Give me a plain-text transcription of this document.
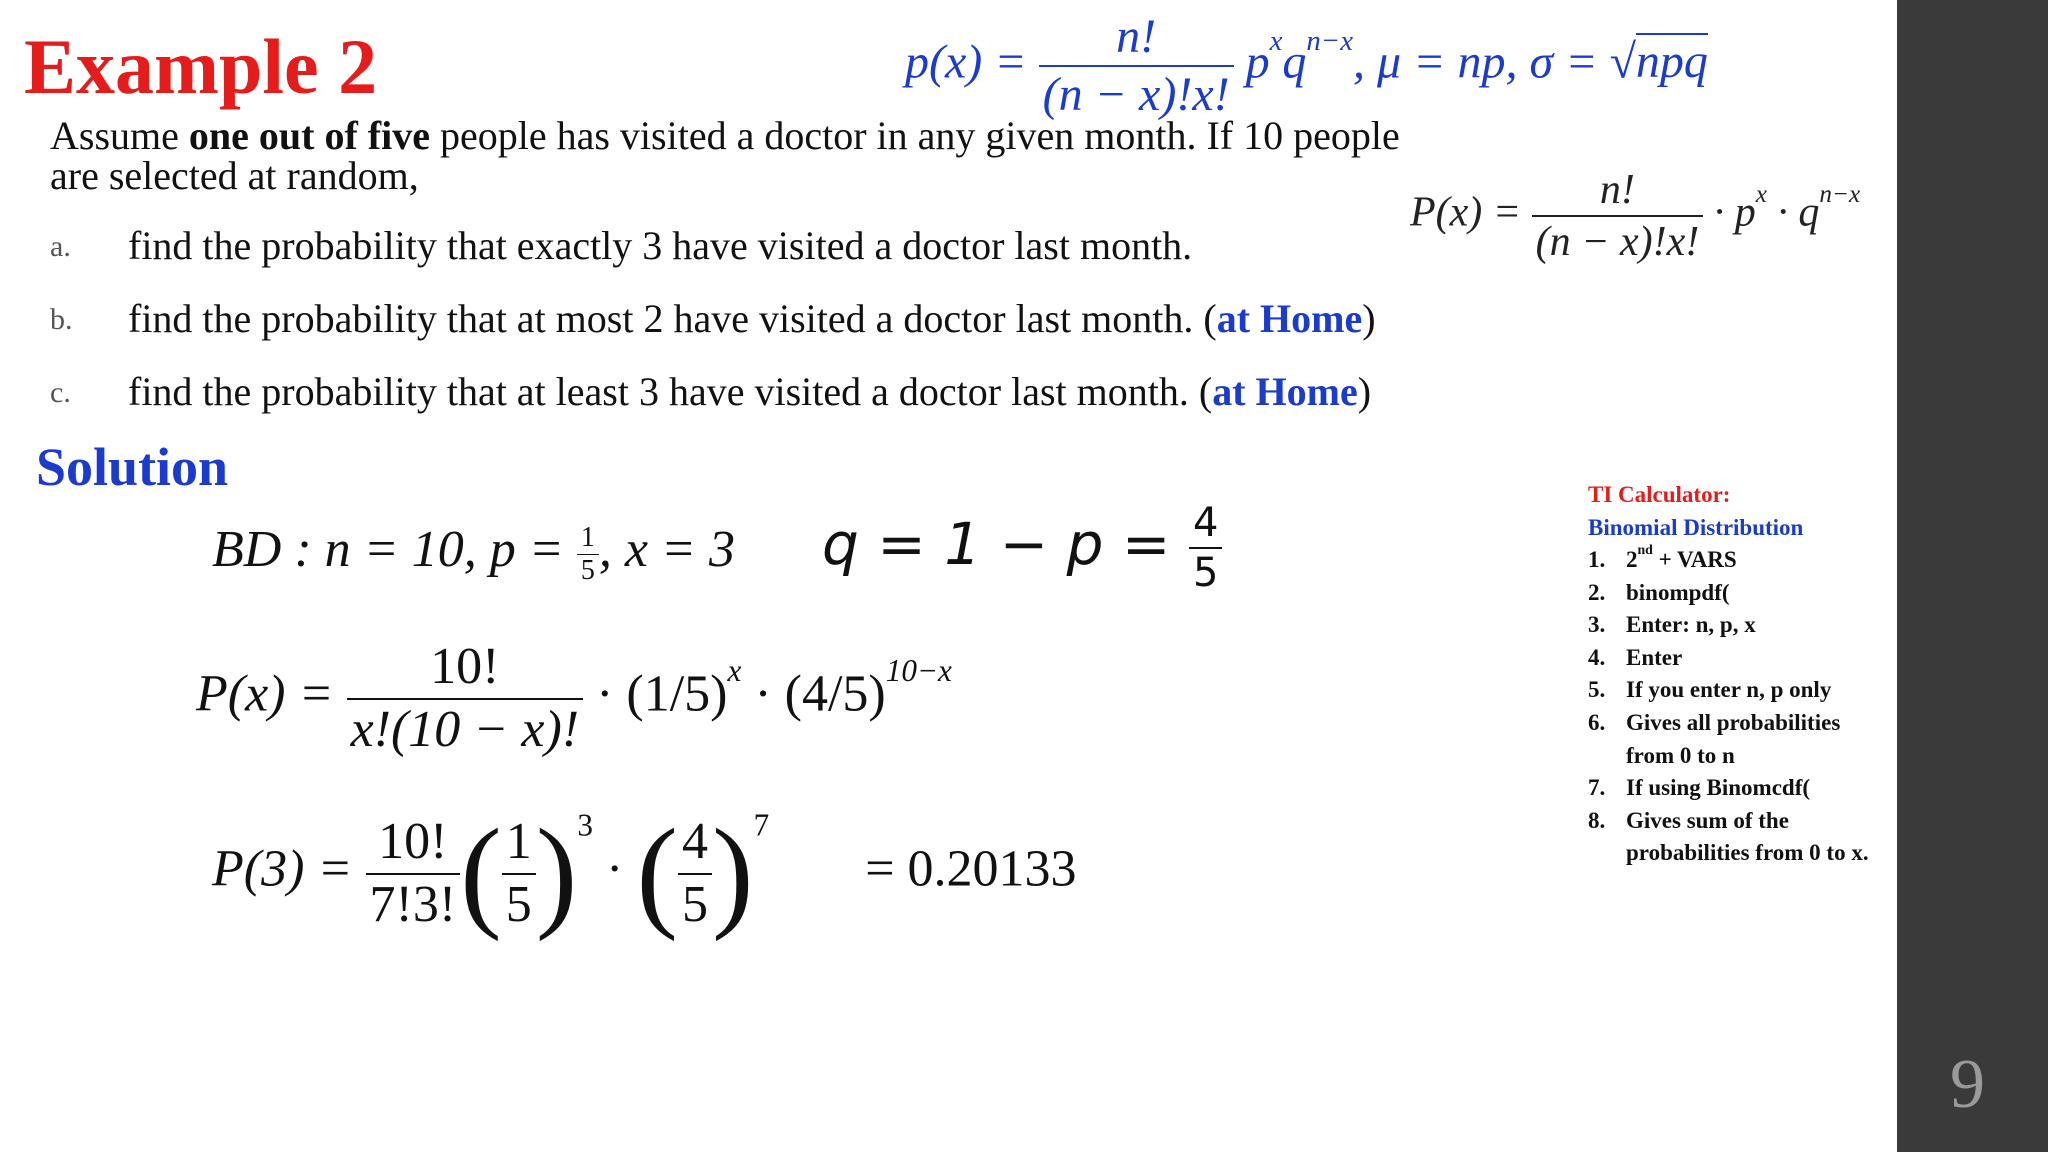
Example 2	$p(x) = \frac{n!}{(n - x)!x!} p^xq^{n-x}$, μ = np, σ = √npq
Assume one out of five people has visited a doctor in any given month. If 10 people are selected at random,
$P(x) = \frac{n!}{(n - x)!x!} \cdot p^x \cdot q^{n-x}$
a. find the probability that exactly 3 have visited a doctor last month.
b. find the probability that at most 2 have visited a doctor last month. (at Home)
c. find the probability that at least 3 have visited a doctor last month. (at Home)
Solution
BD : n = 10, $p = \frac{1}{5}$ , x = 3 $q = 1 - p = \frac{4}{5}$
$P(x) = \frac{10!}{x!(10 - x)!} \cdot (1/5)^x \cdot (4/5)^{10-x}$
$P(3) = \frac{10!}{7!3!}$ ( $\frac{1}{5} )^3$ · ( $\frac{4}{5} )^7 = 0.20133$
TI Calculator:
Binomial Distribution
1. 2nd + VARS
2. binompdf(
3. Enter: n, p, x
4. Enter
5. If you enter n, p only
6. Gives all probabilities from 0 to n
7. If using Binomcdf(
8. Gives sum of the probabilities from 0 to x.
9
